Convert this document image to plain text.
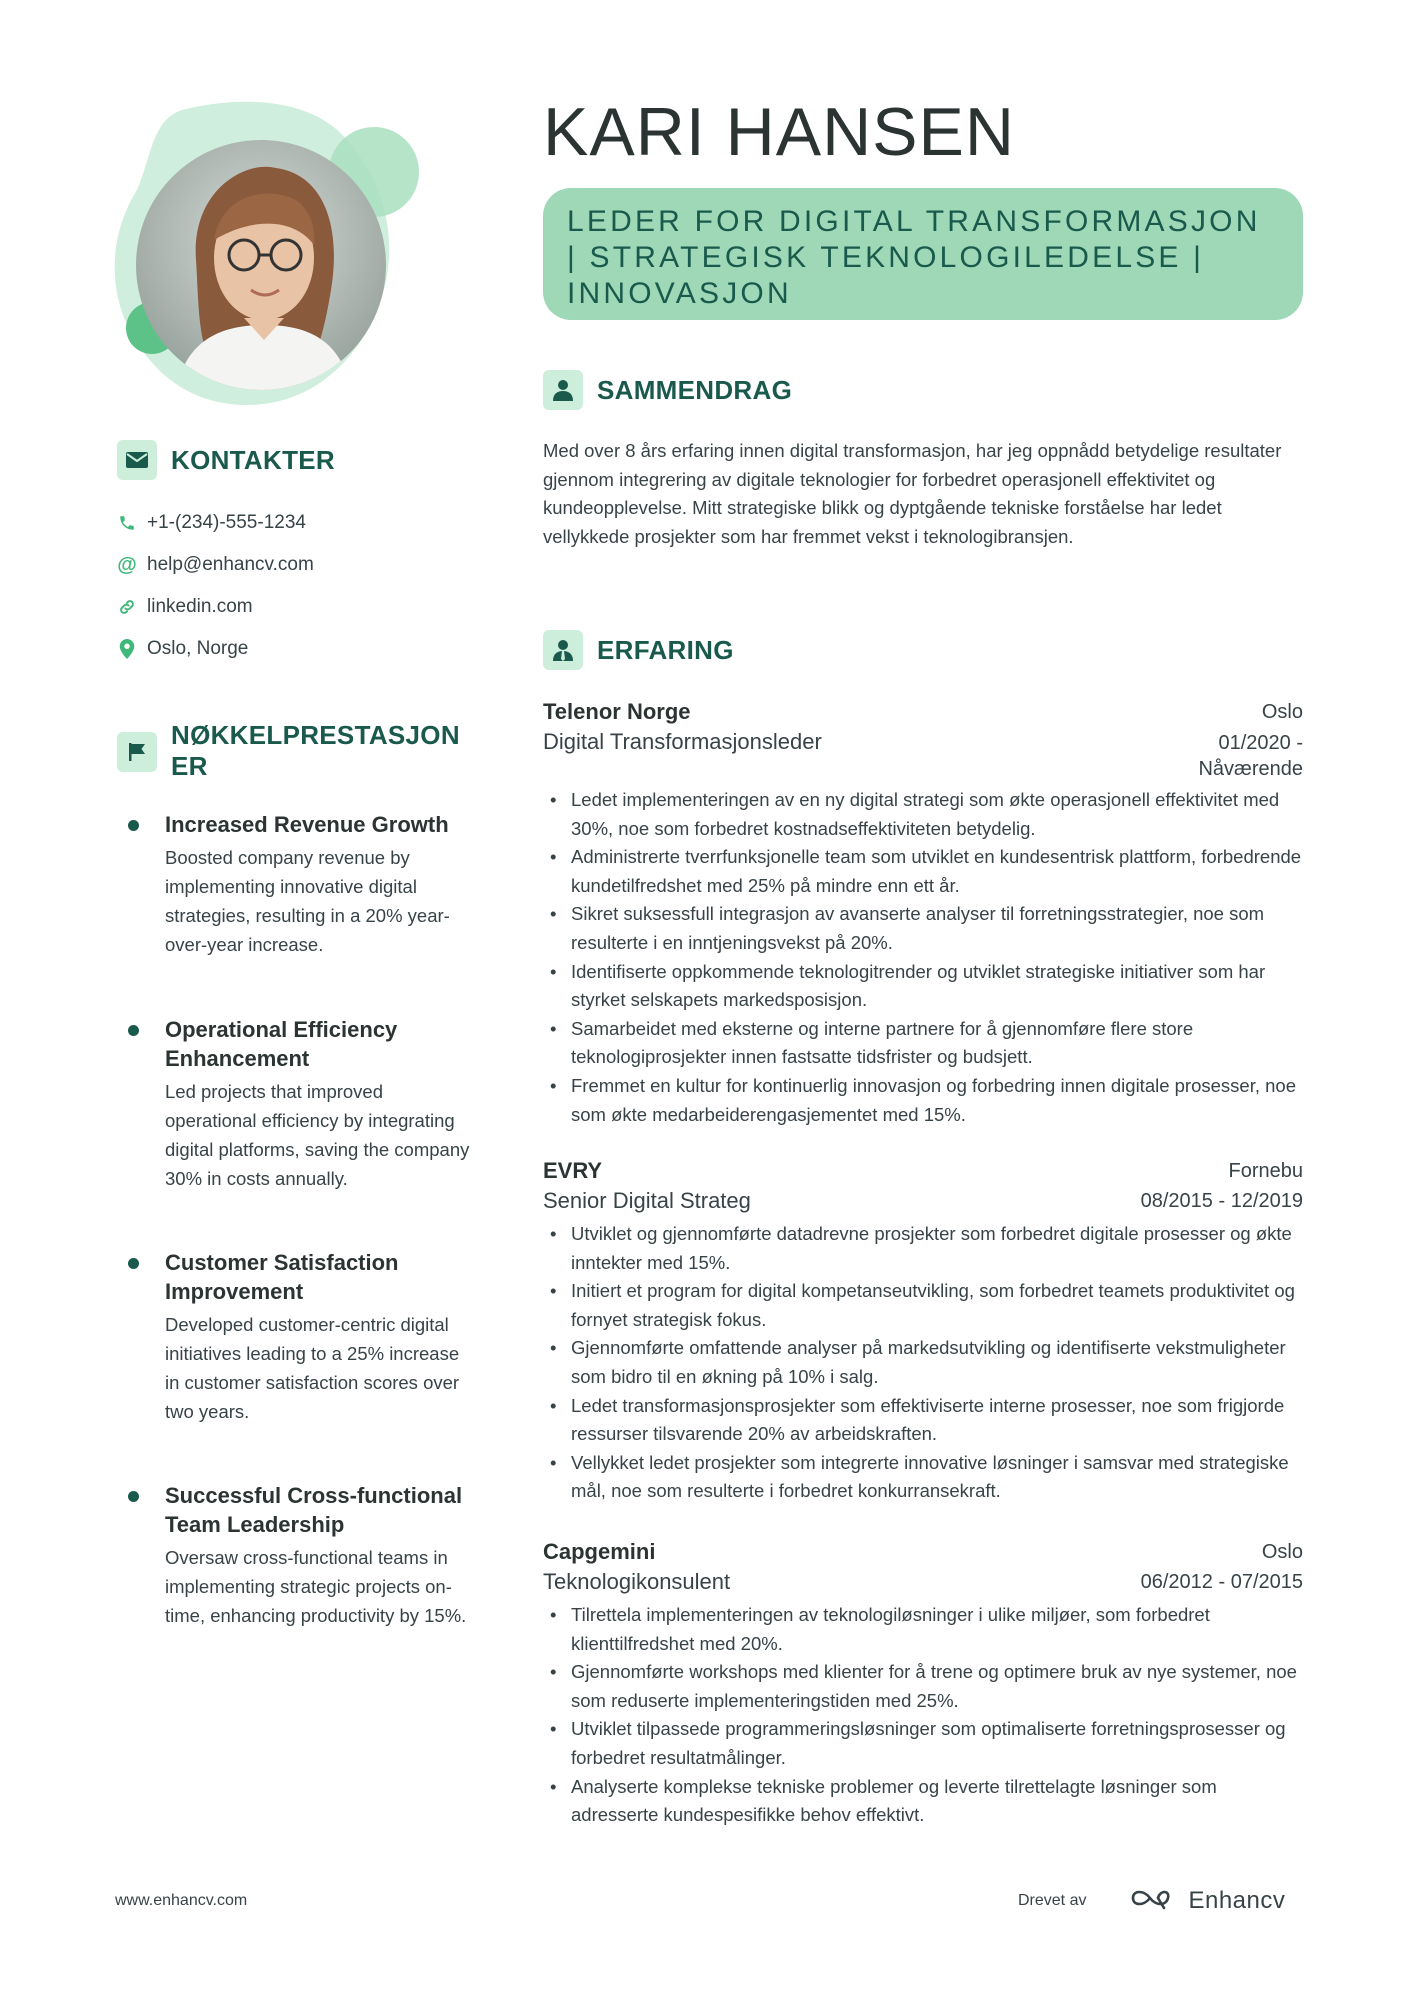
KARI HANSEN
LEDER FOR DIGITAL TRANSFORMASJON | STRATEGISK TEKNOLOGILEDELSE | INNOVASJON
KONTAKTER
+1-(234)-555-1234
@ help@enhancv.com
linkedin.com
Oslo, Norge
NØKKELPRESTASJON ER
Increased Revenue Growth
Boosted company revenue by implementing innovative digital strategies, resulting in a 20% year-over-year increase.
Operational Efficiency Enhancement
Led projects that improved operational efficiency by integrating digital platforms, saving the company 30% in costs annually.
Customer Satisfaction Improvement
Developed customer-centric digital initiatives leading to a 25% increase in customer satisfaction scores over two years.
Successful Cross-functional Team Leadership
Oversaw cross-functional teams in implementing strategic projects on-time, enhancing productivity by 15%.
SAMMENDRAG
Med over 8 års erfaring innen digital transformasjon, har jeg oppnådd betydelige resultater gjennom integrering av digitale teknologier for forbedret operasjonell effektivitet og kundeopplevelse. Mitt strategiske blikk og dyptgående tekniske forståelse har ledet vellykkede prosjekter som har fremmet vekst i teknologibransjen.
ERFARING
Telenor Norge	Oslo
Digital Transformasjonsleder	01/2020 - Nåværende
• Ledet implementeringen av en ny digital strategi som økte operasjonell effektivitet med 30%, noe som forbedret kostnadseffektiviteten betydelig.
• Administrerte tverrfunksjonelle team som utviklet en kundesentrisk plattform, forbedrende kundetilfredshet med 25% på mindre enn ett år.
• Sikret suksessfull integrasjon av avanserte analyser til forretningsstrategier, noe som resulterte i en inntjeningsvekst på 20%.
• Identifiserte oppkommende teknologitrender og utviklet strategiske initiativer som har styrket selskapets markedsposisjon.
• Samarbeidet med eksterne og interne partnere for å gjennomføre flere store teknologiprosjekter innen fastsatte tidsfrister og budsjett.
• Fremmet en kultur for kontinuerlig innovasjon og forbedring innen digitale prosesser, noe som økte medarbeiderengasjementet med 15%.
EVRY	Fornebu
Senior Digital Strateg	08/2015 - 12/2019
• Utviklet og gjennomførte datadrevne prosjekter som forbedret digitale prosesser og økte inntekter med 15%.
• Initiert et program for digital kompetanseutvikling, som forbedret teamets produktivitet og fornyet strategisk fokus.
• Gjennomførte omfattende analyser på markedsutvikling og identifiserte vekstmuligheter som bidro til en økning på 10% i salg.
• Ledet transformasjonsprosjekter som effektiviserte interne prosesser, noe som frigjorde ressurser tilsvarende 20% av arbeidskraften.
• Vellykket ledet prosjekter som integrerte innovative løsninger i samsvar med strategiske mål, noe som resulterte i forbedret konkurransekraft.
Capgemini	Oslo
Teknologikonsulent	06/2012 - 07/2015
• Tilrettela implementeringen av teknologiløsninger i ulike miljøer, som forbedret klienttilfredshet med 20%.
• Gjennomførte workshops med klienter for å trene og optimere bruk av nye systemer, noe som reduserte implementeringstiden med 25%.
• Utviklet tilpassede programmeringsløsninger som optimaliserte forretningsprosesser og forbedret resultatmålinger.
• Analyserte komplekse tekniske problemer og leverte tilrettelagte løsninger som adresserte kundespesifikke behov effektivt.
www.enhancv.com	Drevet av	Enhancv
